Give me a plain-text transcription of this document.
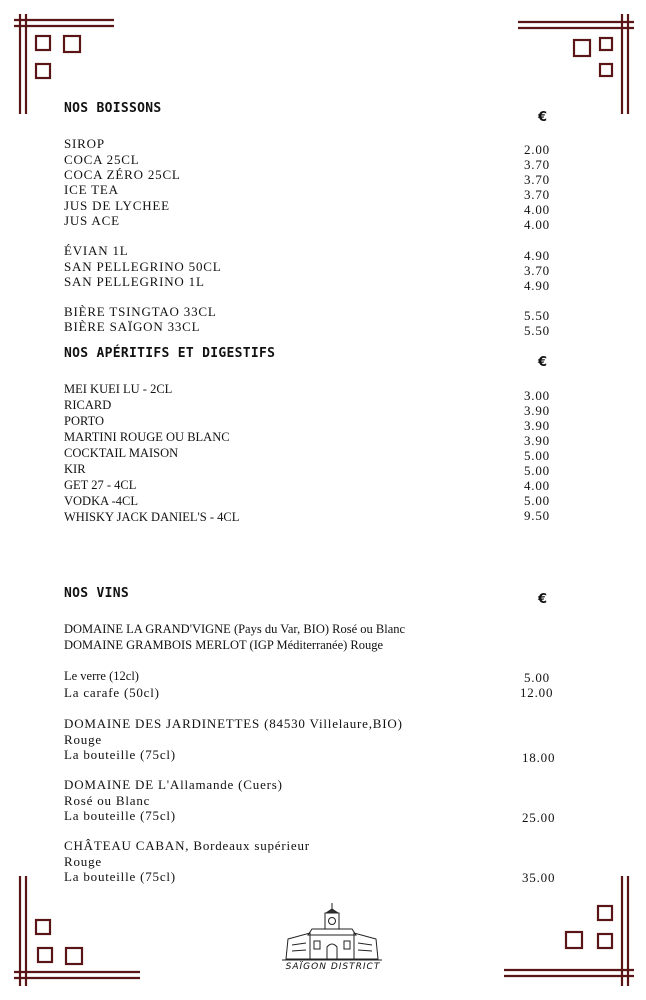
NOS BOISSONS
€
SIROP	2.00
COCA 25CL	3.70
COCA ZÉRO 25CL	3.70
ICE TEA	3.70
JUS DE LYCHEE	4.00
JUS ACE	4.00
ÉVIAN 1L	4.90
SAN PELLEGRINO 50CL	3.70
SAN PELLEGRINO 1L	4.90
BIÈRE TSINGTAO 33CL	5.50
BIÈRE SAÏGON 33CL	5.50
NOS APÉRITIFS ET DIGESTIFS
€
MEI KUEI LU - 2CL	3.00
RICARD	3.90
PORTO	3.90
MARTINI ROUGE OU BLANC	3.90
COCKTAIL MAISON	5.00
KIR	5.00
GET 27 - 4CL	4.00
VODKA -4CL	5.00
WHISKY JACK DANIEL'S - 4CL	9.50
NOS VINS	€
DOMAINE LA GRAND'VIGNE (Pays du Var, BIO) Rosé ou Blanc
DOMAINE GRAMBOIS MERLOT (IGP Méditerranée) Rouge
Le verre (12cl)	5.00
La carafe (50cl)	12.00
DOMAINE DES JARDINETTES (84530 Villelaure,BIO)
Rouge
La bouteille (75cl)	18.00
DOMAINE DE L'Allamande (Cuers)
Rosé ou Blanc
La bouteille (75cl)	25.00
CHÂTEAU CABAN, Bordeaux supérieur
Rouge
La bouteille (75cl)	35.00
SAÏGON DISTRICT
